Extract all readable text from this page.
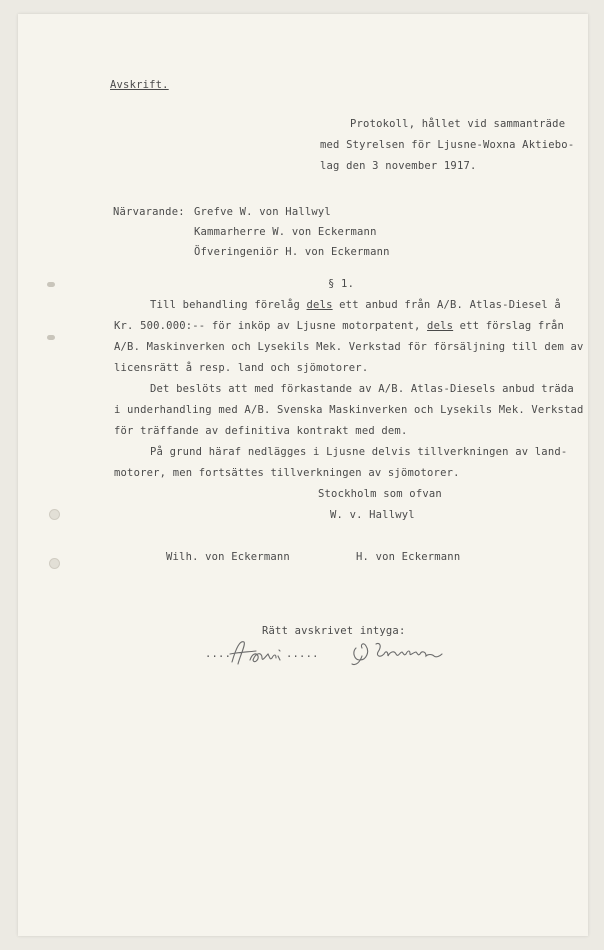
Avskrift.
Protokoll, hållet vid sammanträde
med Styrelsen för Ljusne-Woxna Aktiebo-
lag den 3 november 1917.
Närvarande: Grefve W. von Hallwyl
Kammarherre W. von Eckermann
Öfveringeniör H. von Eckermann
§ 1.
Till behandling förelåg dels ett anbud från A/B. Atlas-Diesel å
Kr. 500.000:-- för inköp av Ljusne motorpatent, dels ett förslag från
A/B. Maskinverken och Lysekils Mek. Verkstad för försäljning till dem av
licensrätt å resp. land och sjömotorer.
Det beslöts att med förkastande av A/B. Atlas-Diesels anbud träda
i underhandling med A/B. Svenska Maskinverken och Lysekils Mek. Verkstad
för träffande av definitiva kontrakt med dem.
På grund häraf nedlägges i Ljusne delvis tillverkningen av land-
motorer, men fortsättes tillverkningen av sjömotorer.
Stockholm som ofvan
W. v. Hallwyl
Wilh. von Eckermann	H. von Eckermann
Rätt avskrivet intyga:
....	.....
